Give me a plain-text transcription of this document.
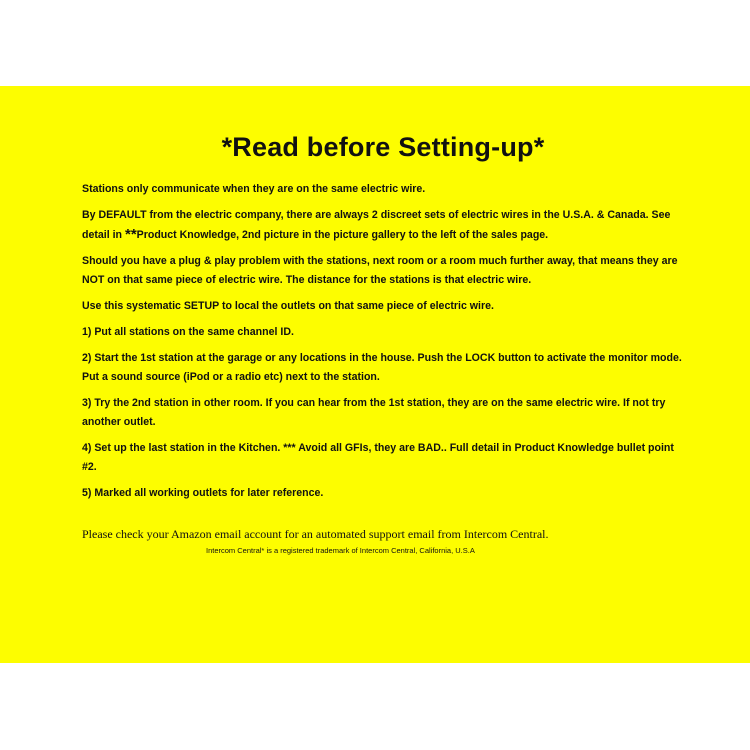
*Read before Setting-up*

Stations only communicate when they are on the same electric wire.

By DEFAULT from the electric company, there are always 2 discreet sets of electric wires in the U.S.A. & Canada. See detail in **Product Knowledge, 2nd picture in the picture gallery to the left of the sales page.

Should you have a plug & play problem with the stations, next room or a room much further away, that means they are NOT on that same piece of electric wire. The distance for the stations is that electric wire.

Use this systematic SETUP to local the outlets on that same piece of electric wire.

1) Put all stations on the same channel ID.

2) Start the 1st station at the garage or any locations in the house. Push the LOCK button to activate the monitor mode. Put a sound source (iPod or a radio etc) next to the station.

3) Try the 2nd station in other room. If you can hear from the 1st station, they are on the same electric wire. If not try another outlet.

4) Set up the last station in the Kitchen. *** Avoid all GFIs, they are BAD.. Full detail in Product Knowledge bullet point #2.

5) Marked all working outlets for later reference.

Please check your Amazon email account for an automated support email from Intercom Central.

Intercom Central* is a registered trademark of Intercom Central, California, U.S.A
